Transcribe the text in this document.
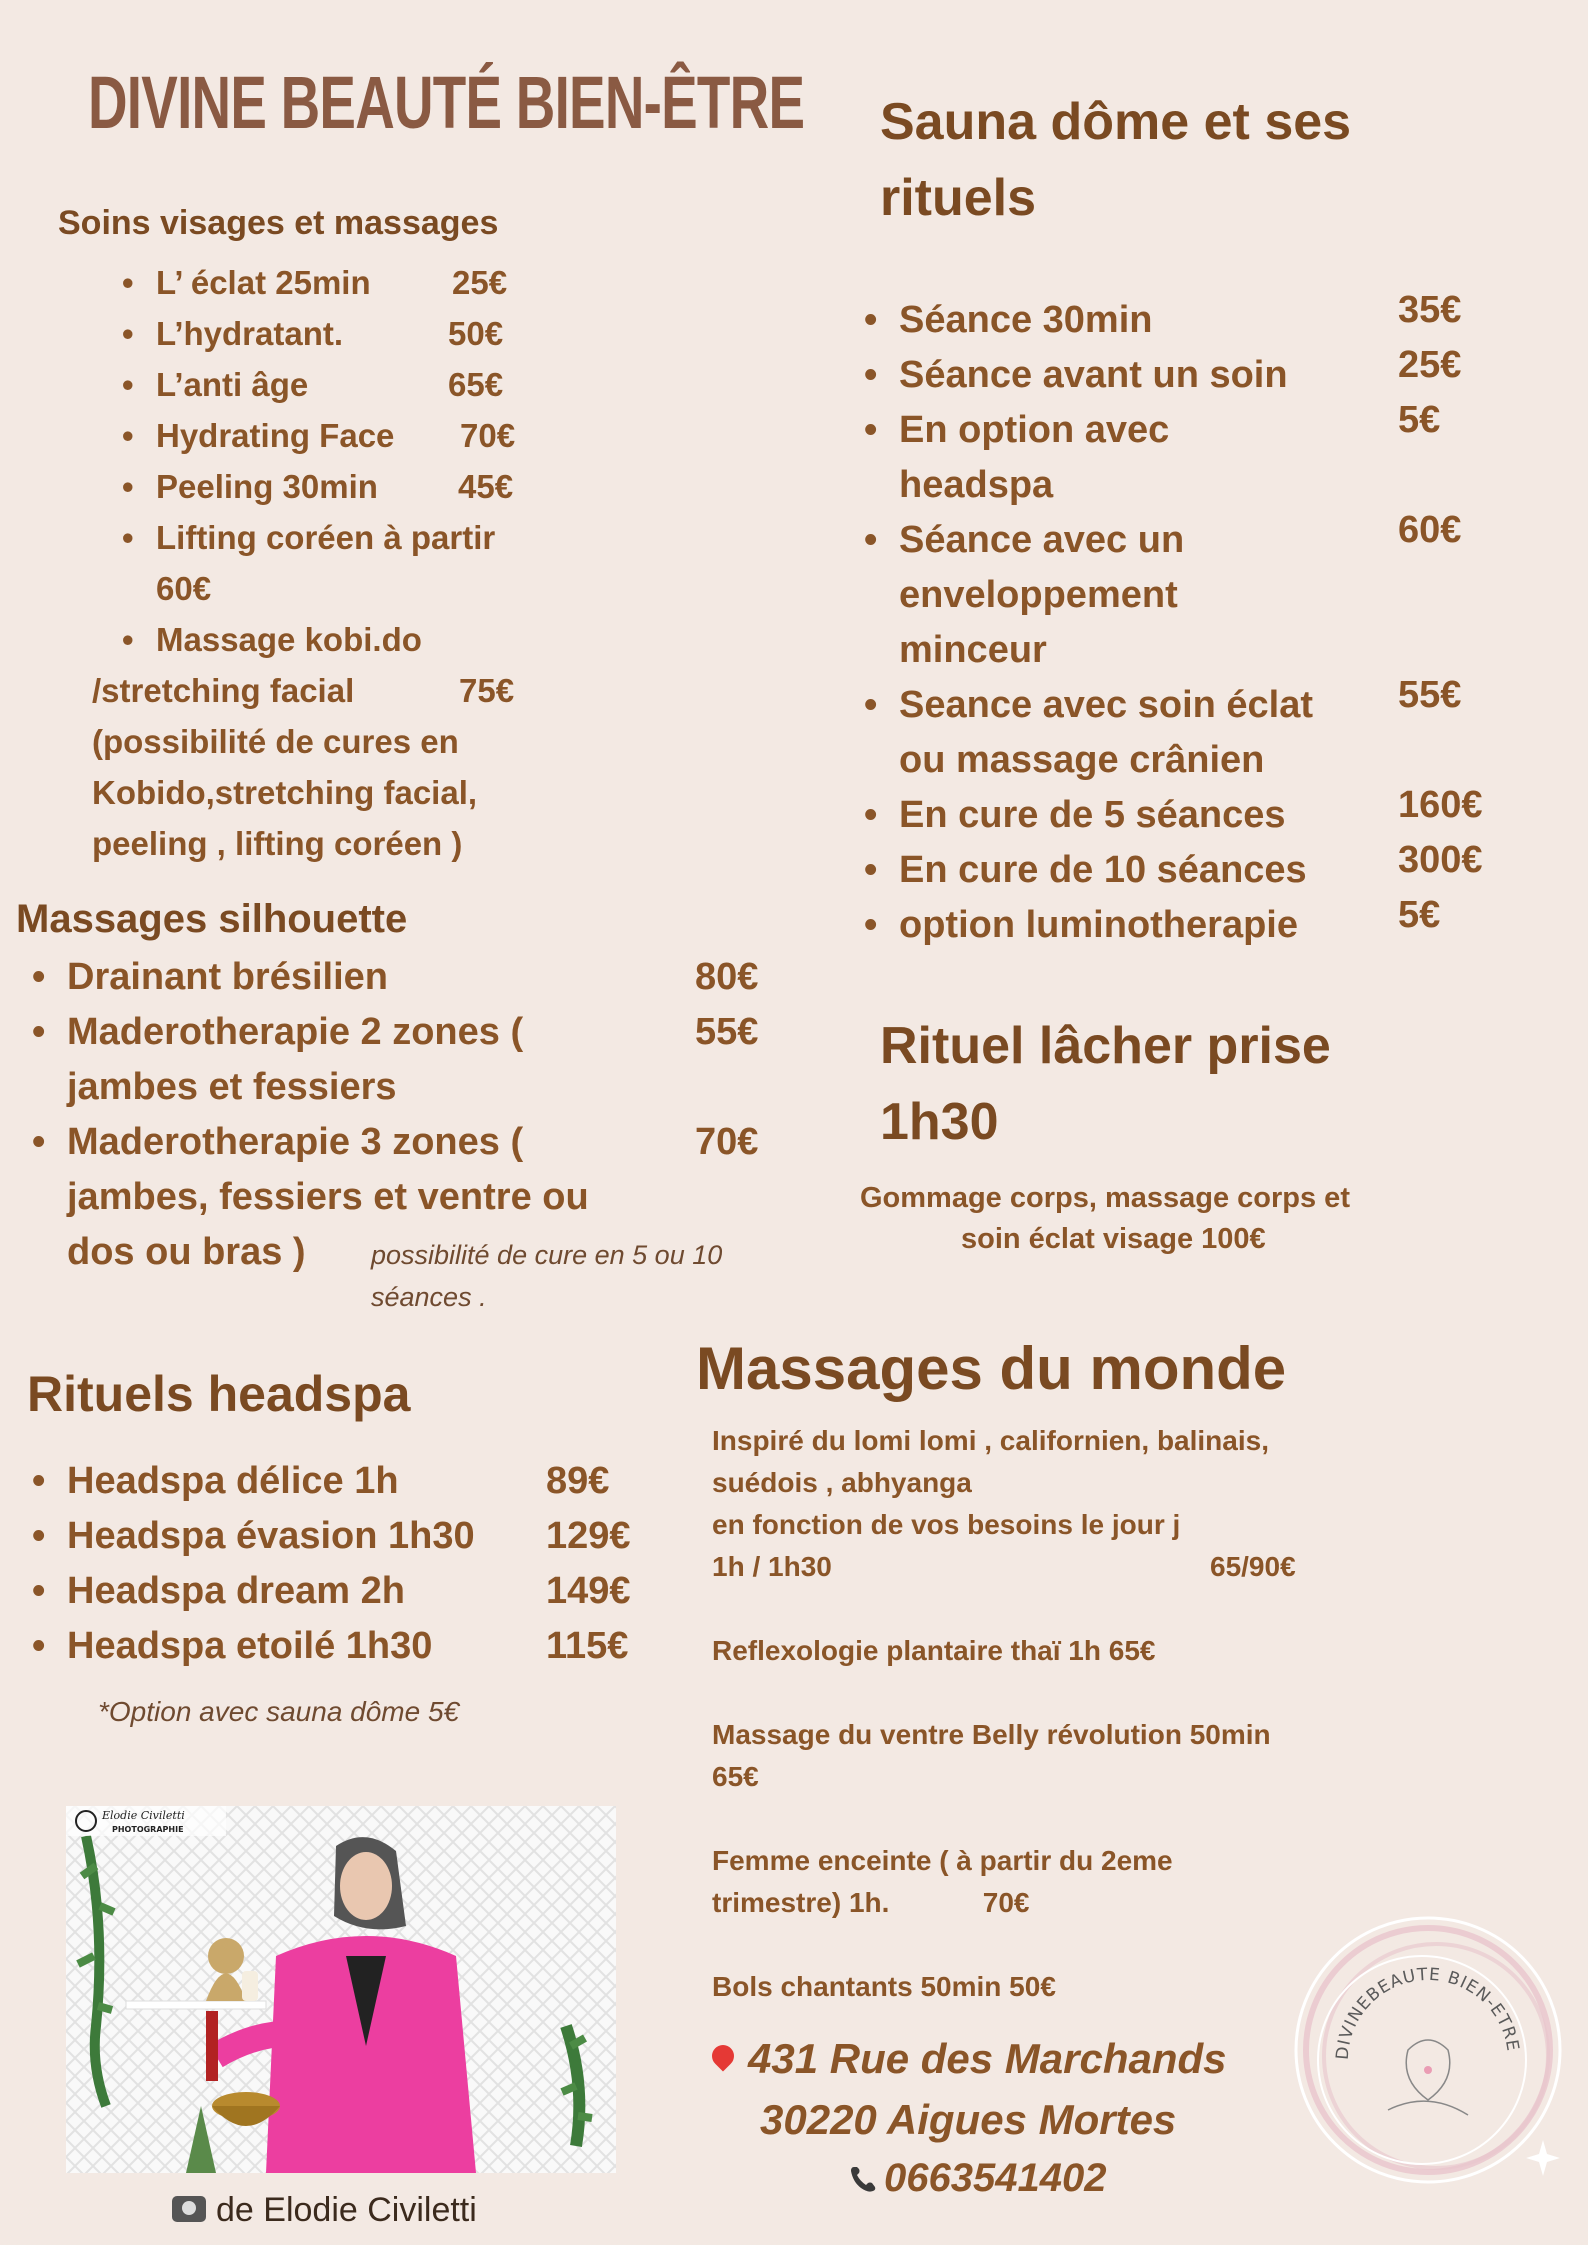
DIVINE BEAUTÉ BIEN-ÊTRE
Soins visages et massages
• L’ éclat 25min 25€
• L’hydratant.	50€
• L’anti âge	65€
• Hydrating Face 70€
• Peeling 30min 45€
• Lifting coréen à partir
60€
• Massage kobi.do
/stretching facial	75€
(possibilité de cures en
Kobido,stretching facial,
peeling , lifting coréen )
Massages silhouette
• Drainant brésilien	80€
• Maderotherapie 2 zones (	55€
jambes et fessiers
• Maderotherapie 3 zones (	70€
jambes, fessiers et ventre ou
dos ou bras ) possibilité de cure en 5 ou 10
séances .
Rituels headspa
• Headspa délice 1h	89€
• Headspa évasion 1h30 129€
• Headspa dream 2h	149€
• Headspa etoilé 1h30	115€
*Option avec sauna dôme 5€
Elodie Civiletti
PHOTOGRAPHIE
de Elodie Civiletti
Sauna dôme et ses
rituels
• Séance 30min	35€
• Séance avant un soin	25€
• En option avec	5€
headspa
• Séance avec un	60€
enveloppement
minceur
• Seance avec soin éclat 55€
ou massage crânien
• En cure de 5 séances	160€
• En cure de 10 séances 300€
• option luminotherapie	5€
Rituel lâcher prise
1h30
Gommage corps, massage corps et
soin éclat visage 100€
Massages du monde
Inspiré du lomi lomi , californien, balinais,
suédois , abhyanga
en fonction de vos besoins le jour j
1h / 1h30	65/90€
Reflexologie plantaire thaï 1h 65€
Massage du ventre Belly révolution 50min
65€
Femme enceinte ( à partir du 2eme
trimestre) 1h.            70€
Bols chantants 50min 50€
431 Rue des Marchands
30220 Aigues Mortes
0663541402
DIVINEBEAUTE BIEN-ETRE
